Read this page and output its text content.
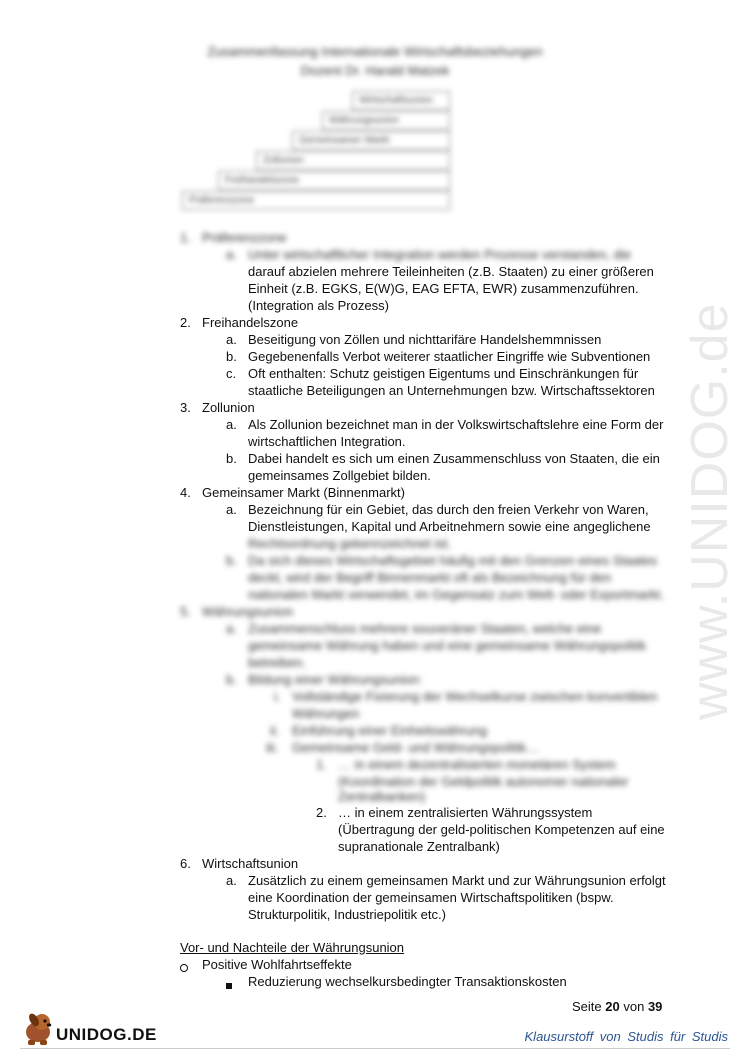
Zusammenfassung Internationale Wirtschaftsbeziehungen
Dozent Dr. Harald Matzek
Wirtschaftsunion
Währungsunion
Gemeinsamer Markt
Zollunion
Freihandelszone
Präferenzzone
www.UNIDOG.de
1. Präferenzzone
a. Unter wirtschaftlicher Integration werden Prozesse verstanden, die
darauf abzielen mehrere Teileinheiten (z.B. Staaten) zu einer größeren
Einheit (z.B. EGKS, E(W)G, EAG EFTA, EWR) zusammenzuführen.
(Integration als Prozess)
2. Freihandelszone
a. Beseitigung von Zöllen und nichttarifäre Handelshemmnissen
b. Gegebenenfalls Verbot weiterer staatlicher Eingriffe wie Subventionen
c. Oft enthalten: Schutz geistigen Eigentums und Einschränkungen für
staatliche Beteiligungen an Unternehmungen bzw. Wirtschaftssektoren
3. Zollunion
a. Als Zollunion bezeichnet man in der Volkswirtschaftslehre eine Form der
wirtschaftlichen Integration.
b. Dabei handelt es sich um einen Zusammenschluss von Staaten, die ein
gemeinsames Zollgebiet bilden.
4. Gemeinsamer Markt (Binnenmarkt)
a. Bezeichnung für ein Gebiet, das durch den freien Verkehr von Waren,
Dienstleistungen, Kapital und Arbeitnehmern sowie eine angeglichene
Rechtsordnung gekennzeichnet ist.
b. Da sich dieses Wirtschaftsgebiet häufig mit den Grenzen eines Staates
deckt, wird der Begriff Binnenmarkt oft als Bezeichnung für den
nationalen Markt verwendet, im Gegensatz zum Welt- oder Exportmarkt.
5. Währungsunion
a. Zusammenschluss mehrere souveräner Staaten, welche eine
gemeinsame Währung haben und eine gemeinsame Währungspolitik
betreiben.
b. Bildung einer Währungsunion:
i. Vollständige Fixierung der Wechselkurse zwischen konvertiblen
Währungen
ii. Einführung einer Einheitswährung
iii. Gemeinsame Geld- und Währungspolitik…
1. … in einem dezentralisierten monetären System
(Koordination der Geldpolitik autonomer nationaler
Zentralbanken)
2. … in einem zentralisierten Währungssystem
(Übertragung der geld-politischen Kompetenzen auf eine
supranationale Zentralbank)
6. Wirtschaftsunion
a. Zusätzlich zu einem gemeinsamen Markt und zur Währungsunion erfolgt
eine Koordination der gemeinsamen Wirtschaftspolitiken (bspw.
Strukturpolitik, Industriepolitik etc.)
Vor- und Nachteile der Währungsunion
Positive Wohlfahrtseffekte
Reduzierung wechselkursbedingter Transaktionskosten
Seite 20 von 39
UNIDOG.DE	Klausurstoff von Studis für Studis
